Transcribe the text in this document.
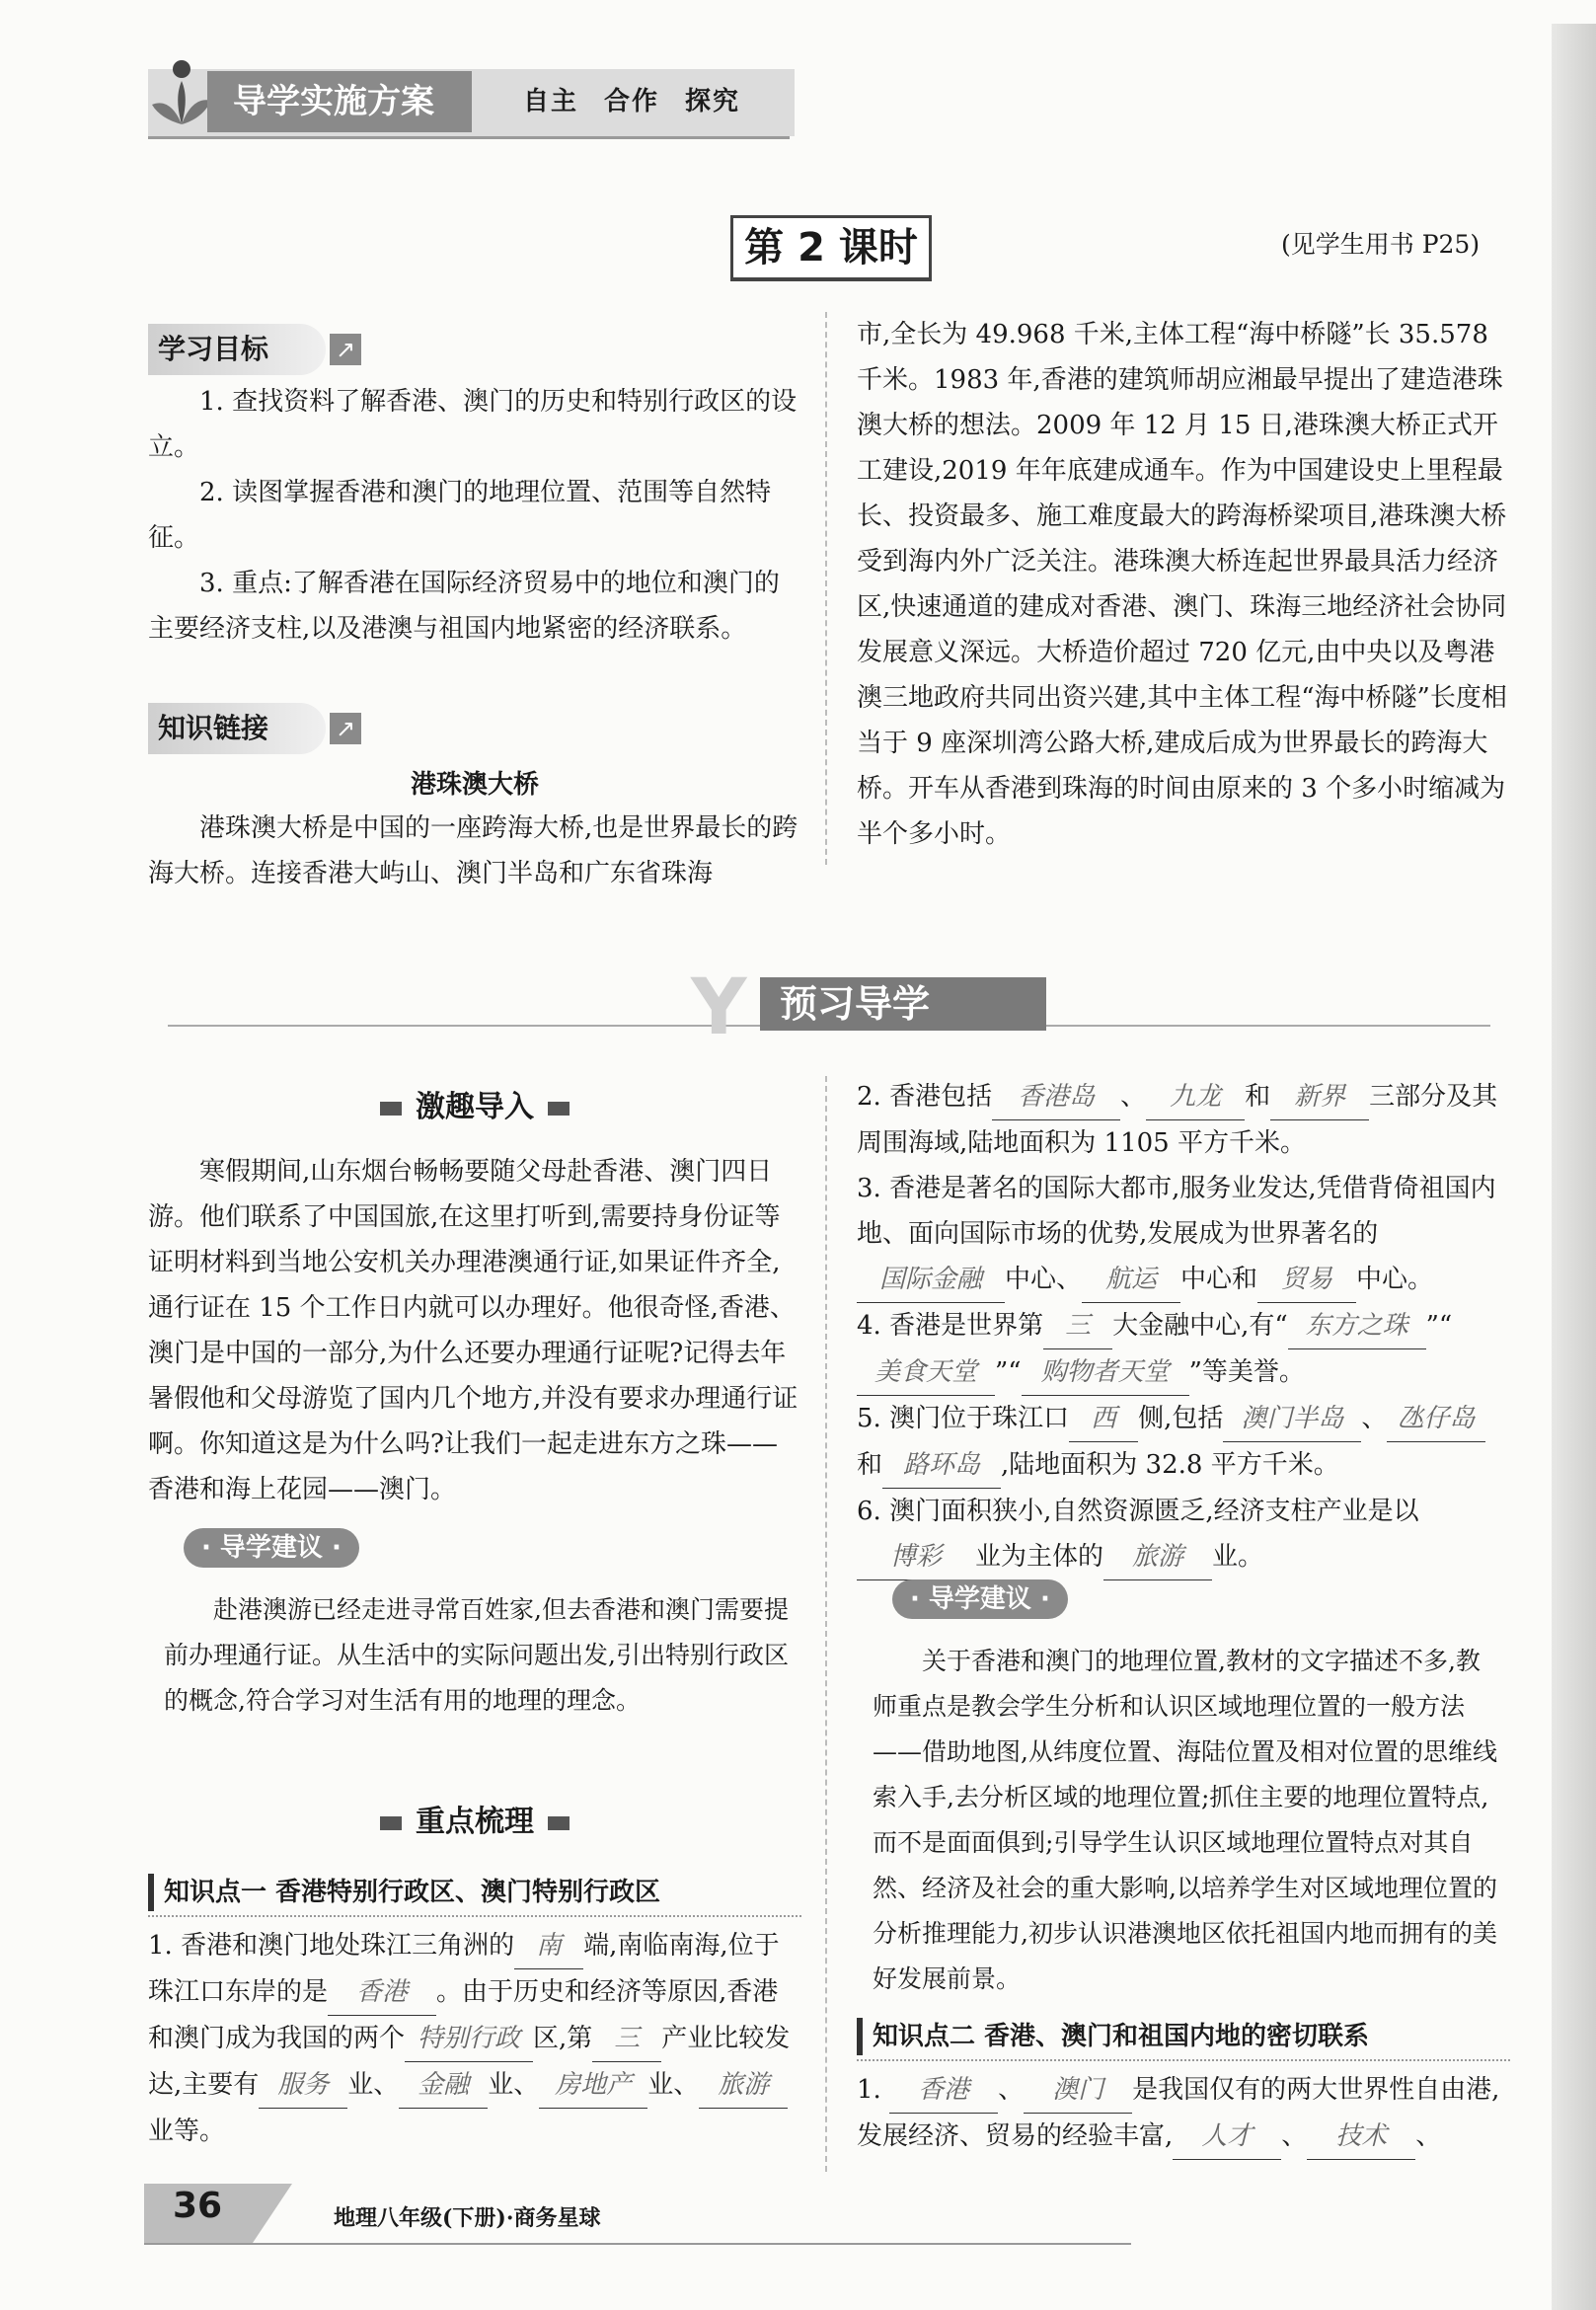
导学实施方案	自主 合作 探究
第 2 课时	(见学生用书 P25)
学习目标	↗
1. 查找资料了解香港、澳门的历史和特别行政区的设立。
2. 读图掌握香港和澳门的地理位置、范围等自然特征。
3. 重点:了解香港在国际经济贸易中的地位和澳门的主要经济支柱,以及港澳与祖国内地紧密的经济联系。
知识链接	↗
港珠澳大桥
港珠澳大桥是中国的一座跨海大桥,也是世界最长的跨海大桥。连接香港大屿山、澳门半岛和广东省珠海
市,全长为 49.968 千米,主体工程“海中桥隧”长 35.578 千米。1983 年,香港的建筑师胡应湘最早提出了建造港珠澳大桥的想法。2009 年 12 月 15 日,港珠澳大桥正式开工建设,2019 年年底建成通车。作为中国建设史上里程最长、投资最多、施工难度最大的跨海桥梁项目,港珠澳大桥受到海内外广泛关注。港珠澳大桥连起世界最具活力经济区,快速通道的建成对香港、澳门、珠海三地经济社会协同发展意义深远。大桥造价超过 720 亿元,由中央以及粤港澳三地政府共同出资兴建,其中主体工程“海中桥隧”长度相当于 9 座深圳湾公路大桥,建成后成为世界最长的跨海大桥。开车从香港到珠海的时间由原来的 3 个多小时缩减为半个多小时。
Y 预习导学
激趣导入
寒假期间,山东烟台畅畅要随父母赴香港、澳门四日游。他们联系了中国国旅,在这里打听到,需要持身份证等证明材料到当地公安机关办理港澳通行证,如果证件齐全,通行证在 15 个工作日内就可以办理好。他很奇怪,香港、澳门是中国的一部分,为什么还要办理通行证呢?记得去年暑假他和父母游览了国内几个地方,并没有要求办理通行证啊。你知道这是为什么吗?让我们一起走进东方之珠——香港和海上花园——澳门。
· 导学建议 ·
赴港澳游已经走进寻常百姓家,但去香港和澳门需要提前办理通行证。从生活中的实际问题出发,引出特别行政区的概念,符合学习对生活有用的地理的理念。
重点梳理
知识点一 香港特别行政区、澳门特别行政区
1. 香港和澳门地处珠江三角洲的 南 端,南临南海,位于珠江口东岸的是 香港 。由于历史和经济等原因,香港和澳门成为我国的两个 特别行政 区,第 三 产业比较发达,主要有 服务 业、 金融 业、 房地产 业、 旅游业等。
2. 香港包括 香港岛 、 九龙 和 新界 三部分及其周围海域,陆地面积为 1105 平方千米。
3. 香港是著名的国际大都市,服务业发达,凭借背倚祖国内地、面向国际市场的优势,发展成为世界著名的国际金融 中心、 航运 中心和 贸易 中心。
4. 香港是世界第 三 大金融中心,有“ 东方之珠 ”“美食天堂 ”“ 购物者天堂 ”等美誉。
5. 澳门位于珠江口 西 侧,包括 澳门半岛 、 氹仔岛和 路环岛 ,陆地面积为 32.8 平方千米。
6. 澳门面积狭小,自然资源匮乏,经济支柱产业是以博彩 业为主体的 旅游 业。
· 导学建议 ·
关于香港和澳门的地理位置,教材的文字描述不多,教师重点是教会学生分析和认识区域地理位置的一般方法——借助地图,从纬度位置、海陆位置及相对位置的思维线索入手,去分析区域的地理位置;抓住主要的地理位置特点,而不是面面俱到;引导学生认识区域地理位置特点对其自然、经济及社会的重大影响,以培养学生对区域地理位置的分析推理能力,初步认识港澳地区依托祖国内地而拥有的美好发展前景。
知识点二 香港、澳门和祖国内地的密切联系
1. 香港 、 澳门 是我国仅有的两大世界性自由港,发展经济、贸易的经验丰富, 人才 、 技术 、
36	地理八年级(下册)·商务星球
